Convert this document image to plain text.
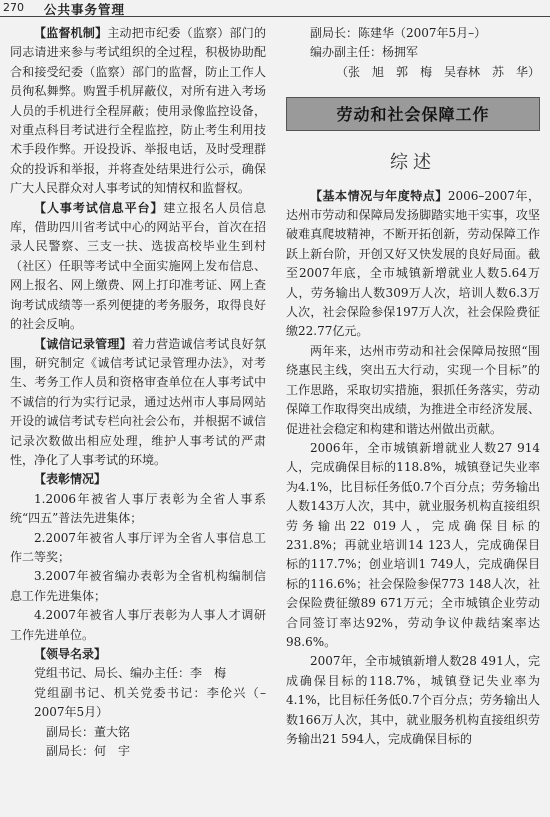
270 公共事务管理

【监督机制】主动把市纪委（监察）部门的同志请进来参与考试组织的全过程，积极协助配合和接受纪委（监察）部门的监督，防止工作人员徇私舞弊。购置手机屏蔽仪，对所有进入考场人员的手机进行全程屏蔽；使用录像监控设备，对重点科目考试进行全程监控，防止考生利用技术手段作弊。开设投诉、举报电话，及时受理群众的投诉和举报，并将查处结果进行公示，确保广大人民群众对人事考试的知情权和监督权。

【人事考试信息平台】建立报名人员信息库，借助四川省考试中心的网站平台，首次在招录人民警察、三支一扶、选拔高校毕业生到村（社区）任职等考试中全面实施网上发布信息、网上报名、网上缴费、网上打印准考证、网上查询考试成绩等一系列便捷的考务服务，取得良好的社会反响。

【诚信记录管理】着力营造诚信考试良好氛围，研究制定《诚信考试记录管理办法》，对考生、考务工作人员和资格审查单位在人事考试中不诚信的行为实行记录，通过达州市人事局网站开设的诚信考试专栏向社会公布，并根据不诚信记录次数做出相应处理，维护人事考试的严肃性，净化了人事考试的环境。

【表彰情况】

1.2006年被省人事厅表彰为全省人事系统“四五”普法先进集体；

2.2007年被省人事厅评为全省人事信息工作二等奖；

3.2007年被省编办表彰为全省机构编制信息工作先进集体；

4.2007年被省人事厅表彰为人事人才调研工作先进单位。

【领导名录】

党组书记、局长、编办主任：李　梅

党组副书记、机关党委书记：李伦兴（–2007年5月）

副局长：董大铭

副局长：何　宇

副局长：陈建华（2007年5月–）

编办副主任：杨拥军

（张　旭　郭　梅　吴春林　苏　华）

劳动和社会保障工作
综述

【基本情况与年度特点】2006–2007年，达州市劳动和保障局发扬脚踏实地干实事，攻坚破难真爬坡精神，不断开拓创新，劳动保障工作跃上新台阶，开创又好又快发展的良好局面。截至2007年底，全市城镇新增就业人数5.64万人，劳务输出人数309万人次，培训人数6.3万人次，社会保险参保197万人次，社会保险费征缴22.77亿元。

两年来，达州市劳动和社会保障局按照“围绕惠民主线，突出五大行动，实现一个目标”的工作思路，采取切实措施，狠抓任务落实，劳动保障工作取得突出成绩，为推进全市经济发展、促进社会稳定和构建和谐达州做出贡献。

2006年，全市城镇新增就业人数27 914人，完成确保目标的118.8%，城镇登记失业率为4.1%，比目标任务低0.7个百分点；劳务输出人数143万人次，其中，就业服务机构直接组织劳务输出22 019人，完成确保目标的231.8%；再就业培训14 123人，完成确保目标的117.7%；创业培训1 749人，完成确保目标的116.6%；社会保险参保773 148人次，社会保险费征缴89 671万元；全市城镇企业劳动合同签订率达92%，劳动争议仲裁结案率达98.6%。

2007年，全市城镇新增人数28 491人，完成确保目标的118.7%，城镇登记失业率为4.1%，比目标任务低0.7个百分点；劳务输出人数166万人次，其中，就业服务机构直接组织劳务输出21 594人，完成确保目标的
